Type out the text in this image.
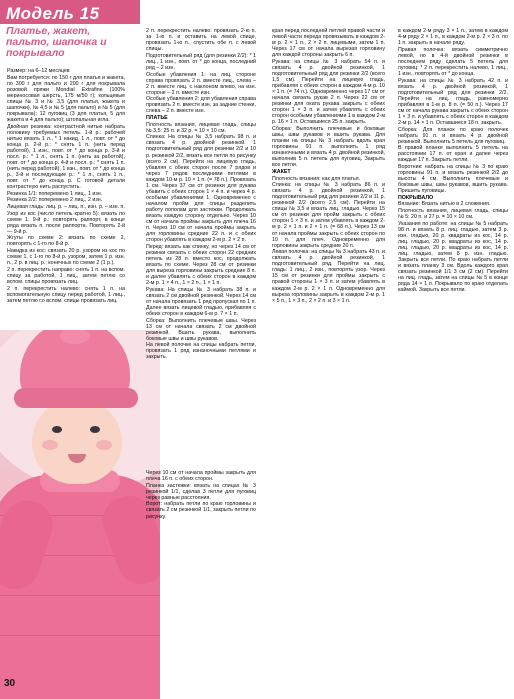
Модель 15
Платье, жакет, пальто, шапочка и покрывало

Размер: на 6–12 месяцев

Вам потребуется: по 150 г для платья и жакета, по 300 г для пальто и 200 г для покрывала розовой пряжи Mondial Extrafine (100% мериносовая шерсть, 175 м/50 г); кольцевые спицы № 3 и № 3,5 (для платья, жакета и шапочки), № 4,5 и № 5 (для пальто) и № 5 (для покрывала); 12 пуговиц (3 для платья, 5 для жакета и 4 для пальто); штопальная игла.

Двойная резинка: контрастной нитью набрать половину требуемых петель. 1-й р.: рабочей нитью вязать 1 л., * 1 накид, 1 л., повт. от * до конца р. 2-й р.: * снять 1 п. (нить перед работой), 1 изн., повт. от * до конца р. 3-й и посл. р.: * 1 л., снять 1 п. (нить за работой), повт. от * до конца р. 4-й и посл. р.: * снять 1 п. (нить перед работой), 1 изн., повт. от * до конца р., 3-й и последующие р.: * 1 л., снять 1 п., повт. от * до конца р. С готовой детали контрастную нить распустить.

Резинка 1/1: поперемено 1 лиц., 1 изн.

Резинка 2/2: поперемено 2 лиц., 2 изн.

Лицевая гладь: лиц. р. – лиц. п., изн. р. – изн. п.

Узор из кос (число петель кратно 5): вязать по схеме 1. 9-й р.: повторять раппорт, в конце ряда вязать п. после раппорта. Повторять 2-й — 9-й р.

Жгуты по схеме 2: вязать по схеме 2, повторять с 1-го по 8-й р.

Накидка из кос: связать 20 р. узором из кос по схеме 1, с 1-го по 8-й р. узором, затем 1 р. изн. п., 2 р. в лиц. р.; конечных по схеме 2 (1 р.).

2 п. перекрестить направо: снять 1 п. на вспом. спицу за работой, 1 лиц., затем петлю со вспом. спицы провязать лиц.

2 п. перекрестить налево: снять 1 п. на вспомогательную спицу перед работой, 1 лиц., затем петлю со вспом. спицы провязать лиц.

2 п. перекрестить налево: провязать 2-ю п. за 1-ю п. и оставить на левой спице, провязать 1-ю п., спустить обе п. с левой спицы.

Подготовительный ряд (для резинки 2/2): * 1 лиц., 1 изн., повт. от * до конца, последний ряд – 2 изн.

Особые убавления 1: на лиц. стороне справа провязать 2 п. вместе лиц., слева – 2 п. вместе лиц. с наклоном влево, на изн. стороне – 2 п. вместе изн.

Особые убавления 2: для убавления справа провязать 2 п. вместе изн. за задние стенки, слева – 2 п. вместе изн.

ПЛАТЬЕ

Плотность вязания, лицевая гладь, спицы № 3,5: 25 п. и 32 р. = 10 × 10 см.

Спинка: На спицы № 3,5 набрать 98 п. и связать 4 р. двойной резинкой. 1 подготовительный ряд для резинки 2/2 и 10 р. резинкой 2/2, вязать все петли по рисунку (всего 2 см). Перейти на лицевую гладь, убавляя с обеих сторон после 7 рядов и через 7 рядов последними петлями в каждом 10-м р. 10 × 1 п. (= 78 п.). Провязать 1 см. Через 37 см от резинки для рукава убавить с обеих сторон 1 × 4 п. и через 4 р. особыми убавлениями 1. Одновременно с началом пройм для спицы разделить работу пополам для застежки. Продолжать вязать каждую сторону отдельно. Через 10 см от начала проймы закрыть для плеча 16 п. Через 10 см от начала проймы закрыть для горловины средние 22 п. и с обеих сторон убавлять в каждом 2-м р. 2 × 2 п.

Перед: вязать как спинку, но через 14 см от резинки связать с обеих сторон 22 средних петель из 28 п. вместо кос, продолжать вязать по схеме. Через 28 см от резинки для выреза горловины закрыть средние 8 п. и далее убавлять с обеих сторон в каждом 2-м р. 1 × 4 п., 1 × 2 п., 1 × 1 п.

Рукава: На спицы № 3 набрать 38 п. и связать 2 см двойной резинкой. Через 14 см от начала провязать 1 ряд пропуская по 1 п. Далее вязать лицевой гладью, прибавляя с обеих сторон в каждом 6-м р. 7 × 1 п.

Сборка: Выполнить плечевые швы. Через 13 см от начала связать 2 см двойной резинкой. Вшить рукава, выполнить боковые швы и швы рукавов.

На левой полочке на спицы набрать петли, провязать 1 ряд изнаночными петлями и закрыть.

Через 10 см от начала проймы закрыть для плеча 16 п. с обеих сторон.

Планка застежки: вязать на спицах № 3 резинкой 1/1, сделав 3 петли для пуговиц через равные расстояния.

Ворот: набрать петли по краю горловины и связать 2 см резинкой 1/1, закрыть петли по рисунку.

края перед последней петлей правой части и левой части переда провязывать в каждом 2-м р. 2 × 1 п., 2 × 2 п. лицевыми, затем 1 п. Через 17 см от начала вырезая горловину для каждой стороны закрыть 6 п.

Рукава: на спицы № 3 набрать 54 п. и связать 4 р. двойной резинкой, 1 подготовительный ряд для резинки 2/2 (всего 1,5 см). Перейти на лицевую гладь, прибавляя с обеих сторон в каждом 4-м р. 10 × 1 п. (= 74 п.). Одновременно через 17 см от начала связать рукав 2 п. Через 22 см от резинки для оката рукава закрыть с обеих сторон 1 × 3 п. и затем убавлять с обеих сторон особыми убавлениями 1 в каждом 2-м р. 16 × 1 п. Оставшиеся 25 п. закрыть.

Сборка: Выполнить плечевые и боковые швы, швы рукавов и вшить рукава. Для планки на спицы № 3 набрать вдоль края горловины 91 п. выполнить 1 ряд изнаночными и вязать 4 р. двойной резинкой, выполнив 5 п. петель для пуговиц. Закрыть все петли.

ЖАКЕТ

Плотность вязания: как для платья.

Спинка: на спицы № 3 набрать 86 п. и связать 4 р. двойной резинкой, 1 подготовительный ряд для резинки 2/2 и 11 р. резинкой 2/2 (всего 2,5 см). Перейти на спицы № 3,5 и вязать лиц. гладью. Через 15 см от резинки для пройм закрыть с обеих сторон 1 × 3 п. и затем убавлять в каждом 2-м р. 2 × 1 п. и 2 × 1 п. (= 68 п.). Через 13 см от начала проймы закрыть с обеих сторон по 10 п. для плеч. Одновременно для горловины закрыть средние 20 п.

Левая полочка: на спицы № 3 набрать 43 п. и связать 4 р. двойной резинкой, 1 подготовительный ряд. Перейти на лиц. гладь: 1 лиц., 2 изн., повторять узор. Через 15 см от резинки для проймы закрыть с правой стороны 1 × 3 п. и затем убавлять в каждом 2-м р. 2 × 1 п. Одновременно для выреза горловины закрыть в каждом 2-м р. 1 × 5 п., 1 × 3 п., 2 × 2 п. и 3 × 1 п.

в каждом 2-м ряду 3 × 1 п., затем в каждом 4-м ряду 2 × 1 п., в каждом 2-м р. 2 × 3 п. по 1 п. закрыть в начале ряду.

Правая полочка: вязать симметрично левой, но в 4-й двойной резинки в последнем ряду сделать 5 петель для пуговиц: * 2 п. перекрестить налево, 1 лиц., 1 изн., повторять от * до конца.

Рукава: на спицы № 3 набрать 42 п. и вязать 4 р. двойной резинкой, 1 подготовительный ряд для резинки 2/2. Перейти на лиц. гладь, равномерно прибавляя в 1-м р. 8 п. (= 50 п.). Через 17 см от начала рукава закрыть с обеих сторон 1 × 3 п. и убавлять с обеих сторон в каждом 2-м р. 14 × 1 п. Оставшиеся 18 п. закрыть.

Сборка: Для планок по краю полочек набрать 91 п. и вязать 4 р. двойной резинкой. Выполнить 5 петель для пуговиц.

В правой планке выполнить 5 петель на расстоянии 17 п. от края и далее через каждые 17 п. Закрыть петли.

Воротник: набрать на спицы № 3 по краю горловины 91 п. и вязать резинкой 2/2 до высоты 4 см. Выполнить плечевые и боковые швы, швы рукавов, вшить рукава. Пришить пуговицы.

ПОКРЫВАЛО

Вязание: Вязать нитью в 2 сложения.

Плотность вязания, лицевая гладь, спицы № 5: 20 п. и 27 р. = 10 × 10 см.

Указания по работе: на спицы № 5 набрать 98 п. и вязать 8 р. лиц. гладью, затем 3 р. изн. гладью, 20 р. квадраты из кос, 14 р. лиц. гладью, 20 р. квадраты из кос, 14 р. лиц. гладью, 20 р. квадраты из кос, 14 р. лиц. гладью, затем 8 р. изн. гладью. Закрыть все петли. По краю набрать петли и вязать планку 3 см. Вдоль каждого края связать резинкой 1/1 3 см (2 см). Перейти на лиц. гладь, затем на спицы № 5 в конце ряда 14 × 1 п. Покрывало по краю отделать каймой. Закрыть все петли.

30
